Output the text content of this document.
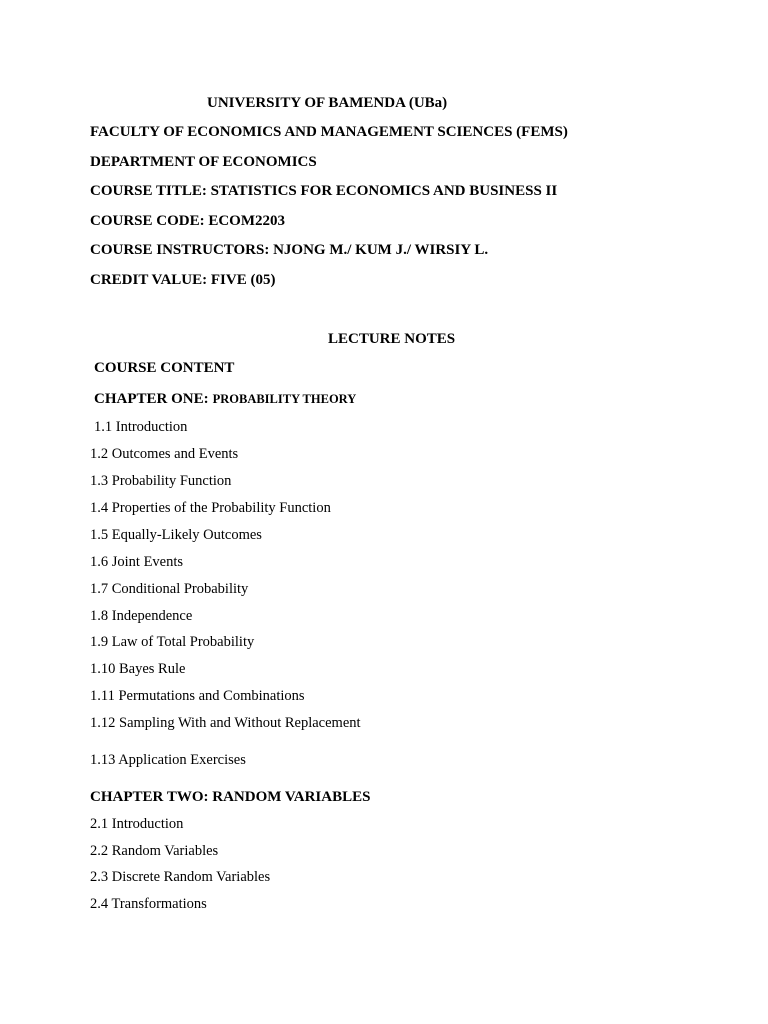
UNIVERSITY OF BAMENDA (UBa)
FACULTY OF ECONOMICS AND MANAGEMENT SCIENCES (FEMS)
DEPARTMENT OF ECONOMICS
COURSE TITLE: STATISTICS FOR ECONOMICS AND BUSINESS II
COURSE CODE: ECOM2203
COURSE INSTRUCTORS: NJONG M./ KUM J./ WIRSIY L.
CREDIT VALUE: FIVE (05)
LECTURE NOTES
COURSE CONTENT
CHAPTER ONE: PROBABILITY THEORY
1.1 Introduction
1.2 Outcomes and Events
1.3 Probability Function
1.4 Properties of the Probability Function
1.5 Equally-Likely Outcomes
1.6 Joint Events
1.7 Conditional Probability
1.8 Independence
1.9 Law of Total Probability
1.10 Bayes Rule
1.11 Permutations and Combinations
1.12 Sampling With and Without Replacement
1.13 Application Exercises
CHAPTER TWO: RANDOM VARIABLES
2.1 Introduction
2.2 Random Variables
2.3 Discrete Random Variables
2.4 Transformations
